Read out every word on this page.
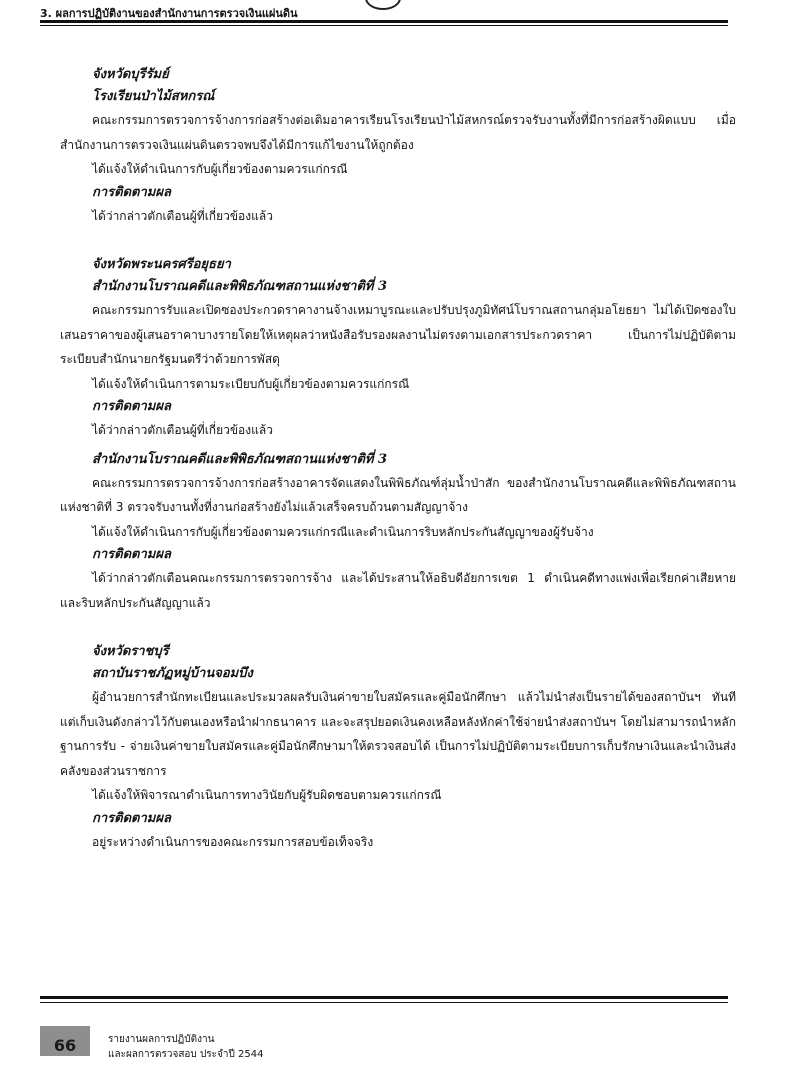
3. ผลการปฏิบัติงานของสำนักงานการตรวจเงินแผ่นดิน
จังหวัดบุรีรัมย์
โรงเรียนป่าไม้สหกรณ์

คณะกรรมการตรวจการจ้างการก่อสร้างต่อเติมอาคารเรียนโรงเรียนป่าไม้สหกรณ์ตรวจรับงานทั้งที่มีการก่อสร้างผิดแบบ เมื่อสำนักงานการตรวจเงินแผ่นดินตรวจพบจึงได้มีการแก้ไขงานให้ถูกต้อง

ได้แจ้งให้ดำเนินการกับผู้เกี่ยวข้องตามควรแก่กรณี
การติดตามผล
ได้ว่ากล่าวตักเตือนผู้ที่เกี่ยวข้องแล้ว
จังหวัดพระนครศรีอยุธยา
สำนักงานโบราณคดีและพิพิธภัณฑสถานแห่งชาติที่ 3

คณะกรรมการรับและเปิดซองประกวดราคางานจ้างเหมาบูรณะและปรับปรุงภูมิทัศน์โบราณสถานกลุ่มอโยธยา ไม่ได้เปิดซองใบเสนอราคาของผู้เสนอราคาบางรายโดยให้เหตุผลว่าหนังสือรับรองผลงานไม่ตรงตามเอกสารประกวดราคา เป็นการไม่ปฏิบัติตามระเบียบสำนักนายกรัฐมนตรีว่าด้วยการพัสดุ

ได้แจ้งให้ดำเนินการตามระเบียบกับผู้เกี่ยวข้องตามควรแก่กรณี
การติดตามผล
ได้ว่ากล่าวตักเตือนผู้ที่เกี่ยวข้องแล้ว
สำนักงานโบราณคดีและพิพิธภัณฑสถานแห่งชาติที่ 3

คณะกรรมการตรวจการจ้างการก่อสร้างอาคารจัดแสดงในพิพิธภัณฑ์ลุ่มน้ำป่าสัก ของสำนักงานโบราณคดีและพิพิธภัณฑสถานแห่งชาติที่ 3 ตรวจรับงานทั้งที่งานก่อสร้างยังไม่แล้วเสร็จครบถ้วนตามสัญญาจ้าง

ได้แจ้งให้ดำเนินการกับผู้เกี่ยวข้องตามควรแก่กรณีและดำเนินการริบหลักประกันสัญญาของผู้รับจ้าง
การติดตามผล

ได้ว่ากล่าวตักเตือนคณะกรรมการตรวจการจ้าง และได้ประสานให้อธิบดีอัยการเขต 1 ดำเนินคดีทางแพ่งเพื่อเรียกค่าเสียหายและริบหลักประกันสัญญาแล้ว

จังหวัดราชบุรี
สถาบันราชภัฏหมู่บ้านจอมบึง

ผู้อำนวยการสำนักทะเบียนและประมวลผลรับเงินค่าขายใบสมัครและคู่มือนักศึกษา แล้วไม่นำส่งเป็นรายได้ของสถาบันฯ ทันทีแต่เก็บเงินดังกล่าวไว้กับตนเองหรือนำฝากธนาคาร และจะสรุปยอดเงินคงเหลือหลังหักค่าใช้จ่ายนำส่งสถาบันฯ โดยไม่สามารถนำหลักฐานการรับ - จ่ายเงินค่าขายใบสมัครและคู่มือนักศึกษามาให้ตรวจสอบได้ เป็นการไม่ปฏิบัติตามระเบียบการเก็บรักษาเงินและนำเงินส่งคลังของส่วนราชการ

ได้แจ้งให้พิจารณาดำเนินการทางวินัยกับผู้รับผิดชอบตามควรแก่กรณี
การติดตามผล
อยู่ระหว่างดำเนินการของคณะกรรมการสอบข้อเท็จจริง
66	รายงานผลการปฏิบัติงาน
และผลการตรวจสอบ ประจำปี 2544
